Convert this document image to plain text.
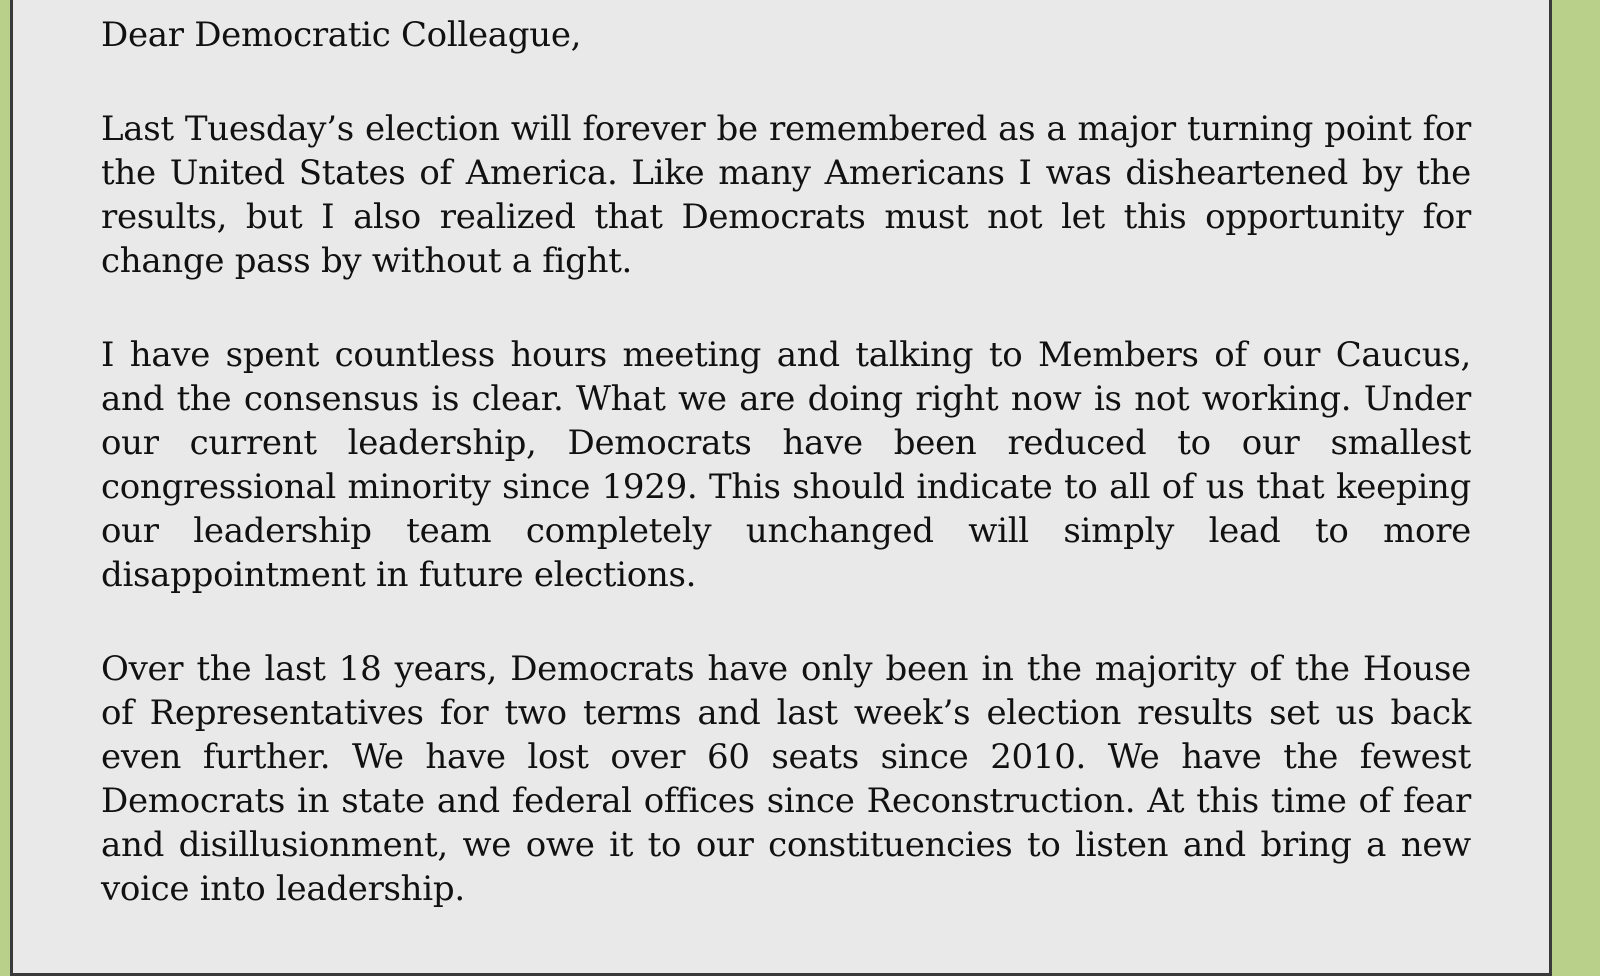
Dear Democratic Colleague,

Last Tuesday’s election will forever be remembered as a major turning point for the United States of America. Like many Americans I was disheartened by the results, but I also realized that Democrats must not let this opportunity for change pass by without a fight.

I have spent countless hours meeting and talking to Members of our Caucus, and the consensus is clear. What we are doing right now is not working. Under our current leadership, Democrats have been reduced to our smallest congressional minority since 1929. This should indicate to all of us that keeping our leadership team completely unchanged will simply lead to more disappointment in future elections.

Over the last 18 years, Democrats have only been in the majority of the House of Representatives for two terms and last week’s election results set us back even further. We have lost over 60 seats since 2010. We have the fewest Democrats in state and federal offices since Reconstruction. At this time of fear and disillusionment, we owe it to our constituencies to listen and bring a new voice into leadership.
